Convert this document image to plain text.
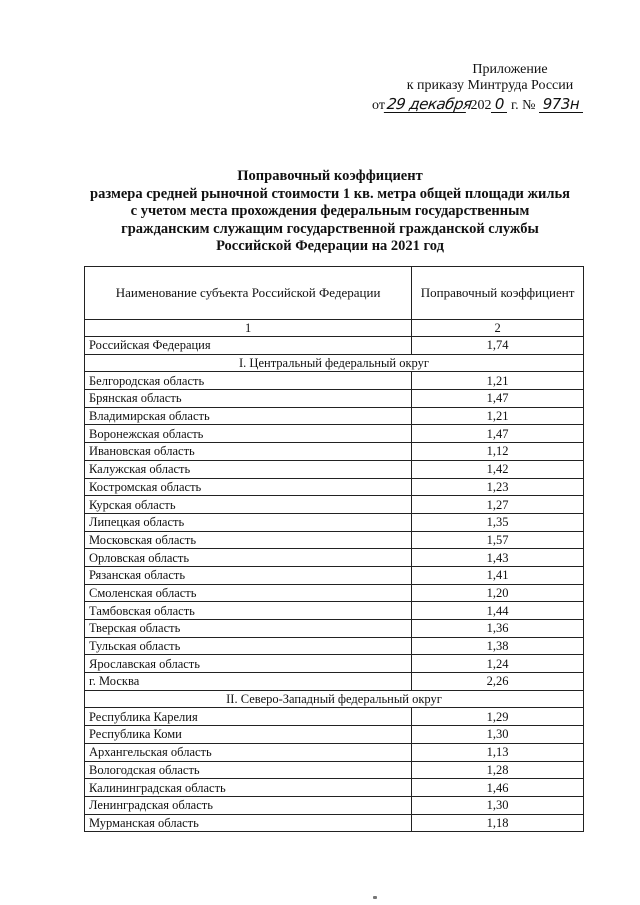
Приложение
к приказу Минтруда России
от29 декабря 202 0 г. № 973н
Поправочный коэффициент
размера средней рыночной стоимости 1 кв. метра общей площади жилья
с учетом места прохождения федеральным государственным
гражданским служащим государственной гражданской службы
Российской Федерации на 2021 год
Наименование субъекта Российской Федерации	Поправочный коэффициент
1	2
Российская Федерация	1,74
I. Центральный федеральный округ	
Белгородская область	1,21
Брянская область	1,47
Владимирская область	1,21
Воронежская область	1,47
Ивановская область	1,12
Калужская область	1,42
Костромская область	1,23
Курская область	1,27
Липецкая область	1,35
Московская область	1,57
Орловская область	1,43
Рязанская область	1,41
Смоленская область	1,20
Тамбовская область	1,44
Тверская область	1,36
Тульская область	1,38
Ярославская область	1,24
г. Москва	2,26
II. Северо-Западный федеральный округ	
Республика Карелия	1,29
Республика Коми	1,30
Архангельская область	1,13
Вологодская область	1,28
Калининградская область	1,46
Ленинградская область	1,30
Мурманская область	1,18
